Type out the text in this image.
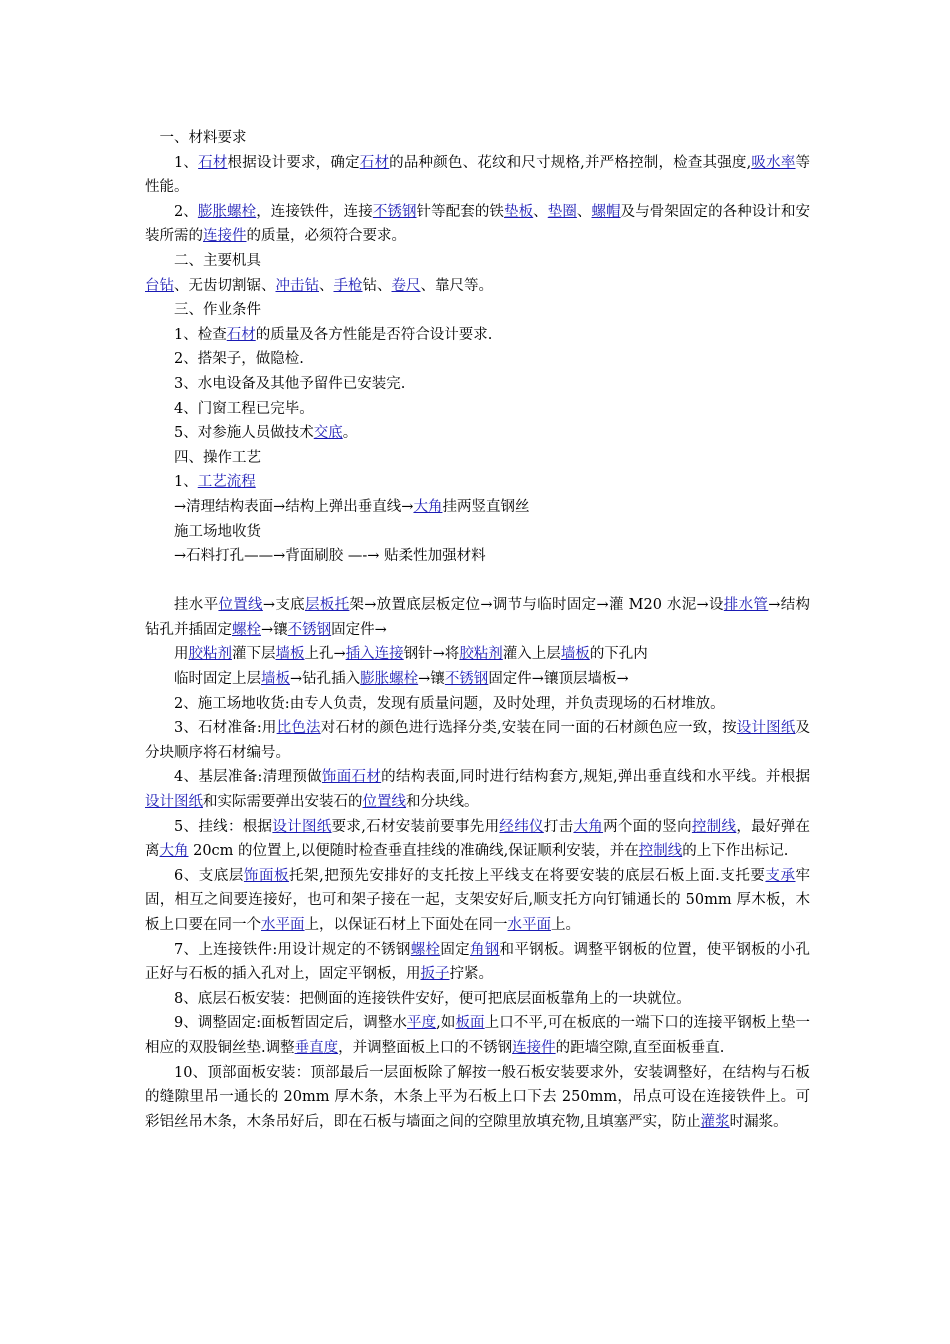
一、材料要求

1、石材根据设计要求，确定石材的品种颜色、花纹和尺寸规格,并严格控制，检查其强度,吸水率等性能。

2、膨胀螺栓，连接铁件，连接不锈钢针等配套的铁垫板、垫圈、螺帽及与骨架固定的各种设计和安装所需的连接件的质量，必须符合要求。

二、主要机具

台钻、无齿切割锯、冲击钻、手枪钻、卷尺、靠尺等。

三、作业条件

1、检查石材的质量及各方性能是否符合设计要求.

2、搭架子，做隐检.

3、水电设备及其他予留件已安装完.

4、门窗工程已完毕。

5、对参施人员做技术交底。

四、操作工艺

1、工艺流程

→清理结构表面→结构上弹出垂直线→大角挂两竖直钢丝

施工场地收货

→石料打孔——→背面刷胶 —-→ 贴柔性加强材料

挂水平位置线→支底层板托架→放置底层板定位→调节与临时固定→灌 M20 水泥→设排水管→结构钻孔并插固定螺栓→镶不锈钢固定件→

用胶粘剂灌下层墙板上孔→插入连接钢针→将胶粘剂灌入上层墙板的下孔内

临时固定上层墙板→钻孔插入膨胀螺栓→镶不锈钢固定件→镶顶层墙板→

2、施工场地收货:由专人负责，发现有质量问题，及时处理，并负责现场的石材堆放。

3、石材准备:用比色法对石材的颜色进行选择分类,安装在同一面的石材颜色应一致，按设计图纸及分块顺序将石材编号。

4、基层准备:清理预做饰面石材的结构表面,同时进行结构套方,规矩,弹出垂直线和水平线。并根据设计图纸和实际需要弹出安装石的位置线和分块线。

5、挂线：根据设计图纸要求,石材安装前要事先用经纬仪打击大角两个面的竖向控制线，最好弹在离大角 20cm 的位置上,以便随时检查垂直挂线的准确线,保证顺利安装，并在控制线的上下作出标记.

6、支底层饰面板托架,把预先安排好的支托按上平线支在将要安装的底层石板上面.支托要支承牢固，相互之间要连接好，也可和架子接在一起，支架安好后,顺支托方向钉铺通长的 50mm 厚木板，木板上口要在同一个水平面上，以保证石材上下面处在同一水平面上。

7、上连接铁件:用设计规定的不锈钢螺栓固定角钢和平钢板。调整平钢板的位置，使平钢板的小孔正好与石板的插入孔对上，固定平钢板，用扳子拧紧。

8、底层石板安装：把侧面的连接铁件安好，便可把底层面板靠角上的一块就位。

9、调整固定:面板暂固定后，调整水平度,如板面上口不平,可在板底的一端下口的连接平钢板上垫一相应的双股铜丝垫.调整垂直度，并调整面板上口的不锈钢连接件的距墙空隙,直至面板垂直.

10、顶部面板安装：顶部最后一层面板除了解按一般石板安装要求外，安装调整好，在结构与石板的缝隙里吊一通长的 20mm 厚木条，木条上平为石板上口下去 250mm，吊点可设在连接铁件上。可彩铝丝吊木条，木条吊好后，即在石板与墙面之间的空隙里放填充物,且填塞严实，防止灌浆时漏浆。
